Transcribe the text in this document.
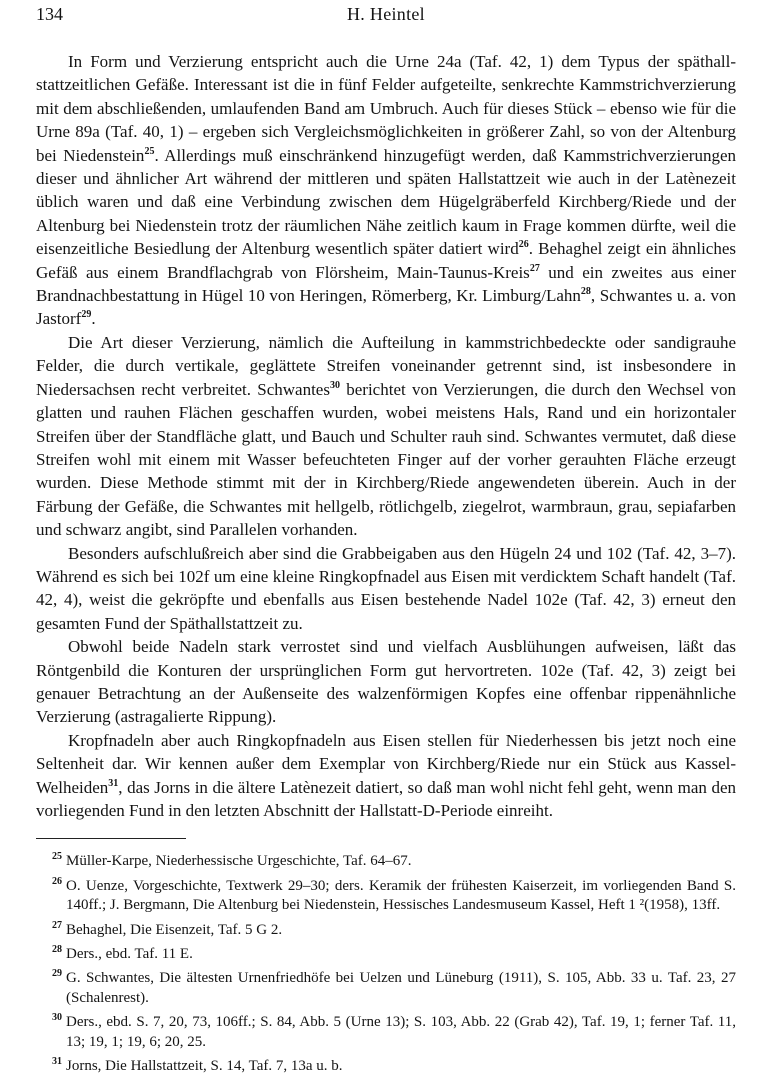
134	H. Heintel

In Form und Verzierung entspricht auch die Urne 24a (Taf. 42, 1) dem Typus der späthallstattzeitlichen Gefäße. Interessant ist die in fünf Felder aufgeteilte, senkrechte Kammstrichverzierung mit dem abschließenden, umlaufenden Band am Umbruch. Auch für dieses Stück – ebenso wie für die Urne 89a (Taf. 40, 1) – ergeben sich Vergleichsmöglichkeiten in größerer Zahl, so von der Altenburg bei Niedenstein$^{25}$. Allerdings muß einschränkend hinzugefügt werden, daß Kammstrichverzierungen dieser und ähnlicher Art während der mittleren und späten Hallstattzeit wie auch in der Latènezeit üblich waren und daß eine Verbindung zwischen dem Hügelgräberfeld Kirchberg/Riede und der Altenburg bei Niedenstein trotz der räumlichen Nähe zeitlich kaum in Frage kommen dürfte, weil die eisenzeitliche Besiedlung der Altenburg wesentlich später datiert wird$^{26}$. Behaghel zeigt ein ähnliches Gefäß aus einem Brandflachgrab von Flörsheim, Main-Taunus-Kreis$^{27}$ und ein zweites aus einer Brandnachbestattung in Hügel 10 von Heringen, Römerberg, Kr. Limburg/Lahn$^{28}$, Schwantes u. a. von Jastorf$^{29}$.

Die Art dieser Verzierung, nämlich die Aufteilung in kammstrichbedeckte oder sandigrauhe Felder, die durch vertikale, geglättete Streifen voneinander getrennt sind, ist insbesondere in Niedersachsen recht verbreitet. Schwantes$^{30}$ berichtet von Verzierungen, die durch den Wechsel von glatten und rauhen Flächen geschaffen wurden, wobei meistens Hals, Rand und ein horizontaler Streifen über der Standfläche glatt, und Bauch und Schulter rauh sind. Schwantes vermutet, daß diese Streifen wohl mit einem mit Wasser befeuchteten Finger auf der vorher gerauhten Fläche erzeugt wurden. Diese Methode stimmt mit der in Kirchberg/Riede angewendeten überein. Auch in der Färbung der Gefäße, die Schwantes mit hellgelb, rötlichgelb, ziegelrot, warmbraun, grau, sepiafarben und schwarz angibt, sind Parallelen vorhanden.

Besonders aufschlußreich aber sind die Grabbeigaben aus den Hügeln 24 und 102 (Taf. 42, 3–7). Während es sich bei 102f um eine kleine Ringkopfnadel aus Eisen mit verdicktem Schaft handelt (Taf. 42, 4), weist die gekröpfte und ebenfalls aus Eisen bestehende Nadel 102e (Taf. 42, 3) erneut den gesamten Fund der Späthallstattzeit zu.

Obwohl beide Nadeln stark verrostet sind und vielfach Ausblühungen aufweisen, läßt das Röntgenbild die Konturen der ursprünglichen Form gut hervortreten. 102e (Taf. 42, 3) zeigt bei genauer Betrachtung an der Außenseite des walzenförmigen Kopfes eine offenbar rippenähnliche Verzierung (astragalierte Rippung).

Kropfnadeln aber auch Ringkopfnadeln aus Eisen stellen für Niederhessen bis jetzt noch eine Seltenheit dar. Wir kennen außer dem Exemplar von Kirchberg/Riede nur ein Stück aus Kassel-Welheiden$^{31}$, das Jorns in die ältere Latènezeit datiert, so daß man wohl nicht fehl geht, wenn man den vorliegenden Fund in den letzten Abschnitt der Hallstatt-D-Periode einreiht.

25 Müller-Karpe, Niederhessische Urgeschichte, Taf. 64–67.

26 O. Uenze, Vorgeschichte, Textwerk 29–30; ders. Keramik der frühesten Kaiserzeit, im vorliegenden Band S. 140ff.; J. Bergmann, Die Altenburg bei Niedenstein, Hessisches Landesmuseum Kassel, Heft 1 ²(1958), 13ff.

27 Behaghel, Die Eisenzeit, Taf. 5 G 2.

28 Ders., ebd. Taf. 11 E.

29 G. Schwantes, Die ältesten Urnenfriedhöfe bei Uelzen und Lüneburg (1911), S. 105, Abb. 33 u. Taf. 23, 27 (Schalenrest).

30 Ders., ebd. S. 7, 20, 73, 106ff.; S. 84, Abb. 5 (Urne 13); S. 103, Abb. 22 (Grab 42), Taf. 19, 1; ferner Taf. 11, 13; 19, 1; 19, 6; 20, 25.

31 Jorns, Die Hallstattzeit, S. 14, Taf. 7, 13a u. b.
